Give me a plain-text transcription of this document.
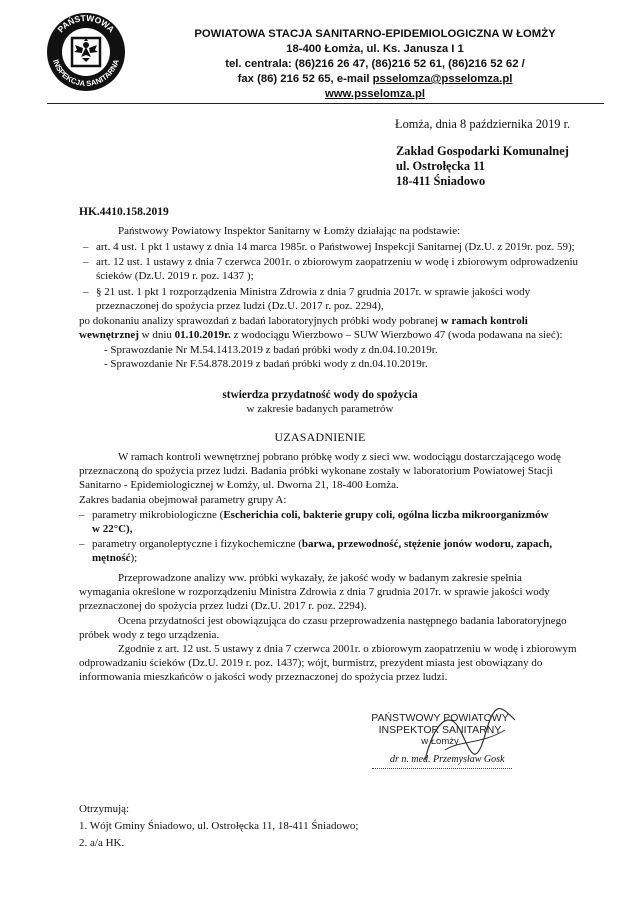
PAŃSTWOWA
INSPEKCJA SANITARNA
POWIATOWA STACJA SANITARNO-EPIDEMIOLOGICZNA W ŁOMŻY
18-400 Łomża, ul. Ks. Janusza I 1
tel. centrala: (86)216 26 47, (86)216 52 61, (86)216 52 62 /
fax (86) 216 52 65, e-mail psselomza@psselomza.pl
www.psselomza.pl
Łomża, dnia 8 października 2019 r.
Zakład Gospodarki Komunalnej
ul. Ostrołęcka 11
18-411 Śniadowo
HK.4410.158.2019
Państwowy Powiatowy Inspektor Sanitarny w Łomży działając na podstawie:
– art. 4 ust. 1 pkt 1 ustawy z dnia 14 marca 1985r. o Państwowej Inspekcji Sanitarnej (Dz.U. z 2019r. poz. 59);
– art. 12 ust. 1 ustawy z dnia 7 czerwca 2001r. o zbiorowym zaopatrzeniu w wodę i zbiorowym odprowadzeniu
ścieków (Dz.U. 2019 r. poz. 1437 );
– § 21 ust. 1 pkt 1 rozporządzenia Ministra Zdrowia z dnia 7 grudnia 2017r. w sprawie jakości wody
przeznaczonej do spożycia przez ludzi (Dz.U. 2017 r. poz. 2294),
po dokonaniu analizy sprawozdań z badań laboratoryjnych próbki wody pobranej w ramach kontroli
wewnętrznej w dniu 01.10.2019r. z wodociągu Wierzbowo – SUW Wierzbowo 47 (woda podawana na sieć):
- Sprawozdanie Nr M.54.1413.2019 z badań próbki wody z dn.04.10.2019r.
- Sprawozdanie Nr F.54.878.2019 z badań próbki wody z dn.04.10.2019r.
stwierdza przydatność wody do spożycia
w zakresie badanych parametrów
UZASADNIENIE
W ramach kontroli wewnętrznej pobrano próbkę wody z sieci ww. wodociągu dostarczającego wodę
przeznaczoną do spożycia przez ludzi. Badania próbki wykonane zostały w laboratorium Powiatowej Stacji
Sanitarno - Epidemiologicznej w Łomży, ul. Dworna 21, 18-400 Łomża.
Zakres badania obejmował parametry grupy A:
– parametry mikrobiologiczne (Escherichia coli, bakterie grupy coli, ogólna liczba mikroorganizmów
w 22°C),
– parametry organoleptyczne i fizykochemiczne (barwa, przewodność, stężenie jonów wodoru, zapach,
mętność);
Przeprowadzone analizy ww. próbki wykazały, że jakość wody w badanym zakresie spełnia
wymagania określone w rozporządzeniu Ministra Zdrowia z dnia 7 grudnia 2017r. w sprawie jakości wody
przeznaczonej do spożycia przez ludzi (Dz.U. 2017 r. poz. 2294).
Ocena przydatności jest obowiązująca do czasu przeprowadzenia następnego badania laboratoryjnego
próbek wody z tego urządzenia.
Zgodnie z art. 12 ust. 5 ustawy z dnia 7 czerwca 2001r. o zbiorowym zaopatrzeniu w wodę i zbiorowym
odprowadzaniu ścieków (Dz.U. 2019 r. poz. 1437); wójt, burmistrz, prezydent miasta jest obowiązany do
informowania mieszkańców o jakości wody przeznaczonej do spożycia przez ludzi.
PAŃSTWOWY POWIATOWY
INSPEKTOR SANITARNY
w Łomży
dr n. med. Przemysław Gosk
Otrzymują:
1. Wójt Gminy Śniadowo, ul. Ostrołęcka 11, 18-411 Śniadowo;
2. a/a HK.
